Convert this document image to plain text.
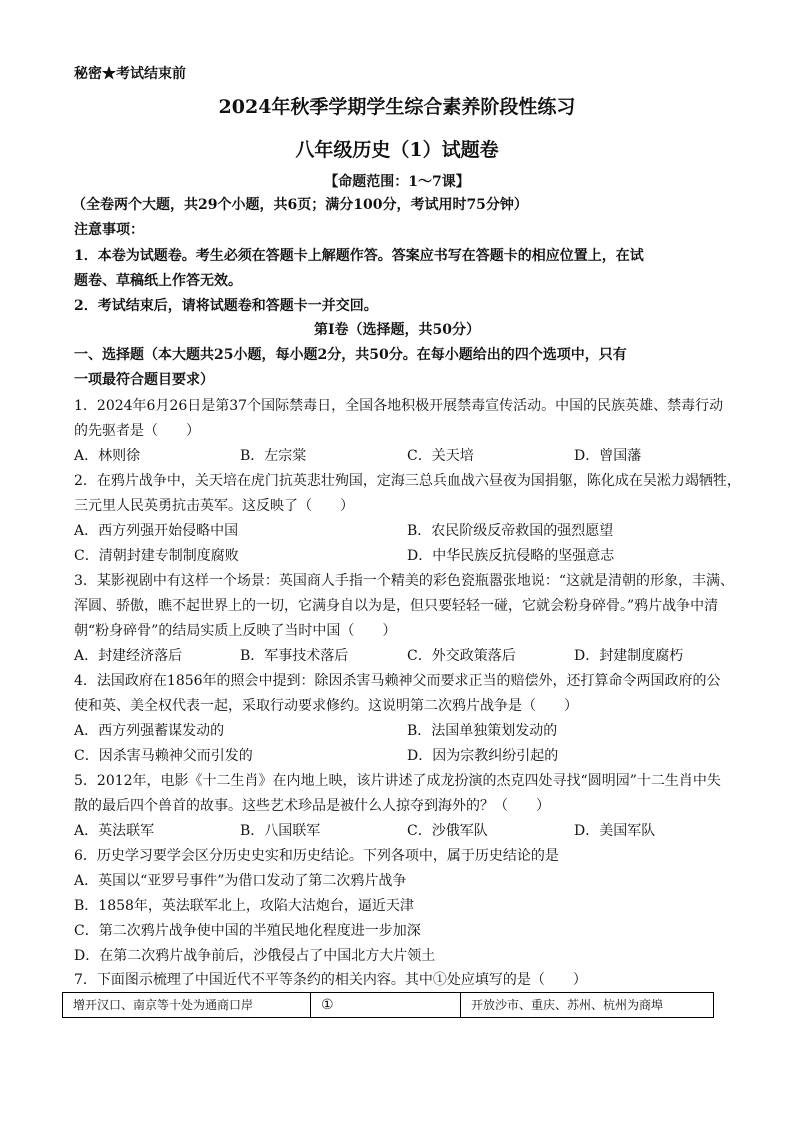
秘密★考试结束前
2024年秋季学期学生综合素养阶段性练习
八年级历史（1）试题卷
【命题范围：1～7课】
（全卷两个大题，共29个小题，共6页；满分100分，考试用时75分钟）
注意事项：
1．本卷为试题卷。考生必须在答题卡上解题作答。答案应书写在答题卡的相应位置上，在试
题卷、草稿纸上作答无效。
2．考试结束后，请将试题卷和答题卡一并交回。
第Ⅰ卷（选择题，共50分）
一、选择题（本大题共25小题，每小题2分，共50分。在每小题给出的四个选项中，只有
一项最符合题目要求）
1．2024年6月26日是第37个国际禁毒日，全国各地积极开展禁毒宣传活动。中国的民族英雄、禁毒行动
的先驱者是（　　）
A．林则徐	B．左宗棠	C．关天培	D．曾国藩
2．在鸦片战争中，关天培在虎门抗英悲壮殉国，定海三总兵血战六昼夜为国捐躯，陈化成在吴淞力竭牺牲，
三元里人民英勇抗击英军。这反映了（　　）
A．西方列强开始侵略中国	B．农民阶级反帝救国的强烈愿望
C．清朝封建专制制度腐败	D．中华民族反抗侵略的坚强意志
3．某影视剧中有这样一个场景：英国商人手指一个精美的彩色瓷瓶嚣张地说：“这就是清朝的形象，丰满、
浑圆、骄傲，瞧不起世界上的一切，它满身自以为是，但只要轻轻一碰，它就会粉身碎骨。”鸦片战争中清
朝“粉身碎骨”的结局实质上反映了当时中国（　　）
A．封建经济落后	B．军事技术落后	C．外交政策落后	D．封建制度腐朽
4．法国政府在1856年的照会中提到：除因杀害马赖神父而要求正当的赔偿外，还打算命令两国政府的公
使和英、美全权代表一起，采取行动要求修约。这说明第二次鸦片战争是（　　）
A．西方列强蓄谋发动的	B．法国单独策划发动的
C．因杀害马赖神父而引发的	D．因为宗教纠纷引起的
5．2012年，电影《十二生肖》在内地上映，该片讲述了成龙扮演的杰克四处寻找“圆明园”十二生肖中失
散的最后四个兽首的故事。这些艺术珍品是被什么人掠夺到海外的？（　　）
A．英法联军	B．八国联军	C．沙俄军队	D．美国军队
6．历史学习要学会区分历史史实和历史结论。下列各项中，属于历史结论的是
A．英国以“亚罗号事件”为借口发动了第二次鸦片战争
B．1858年，英法联军北上，攻陷大沽炮台，逼近天津
C．第二次鸦片战争使中国的半殖民地化程度进一步加深
D．在第二次鸦片战争前后，沙俄侵占了中国北方大片领土
7．下面图示梳理了中国近代不平等条约的相关内容。其中①处应填写的是（　　）
增开汉口、南京等十处为通商口岸	①	开放沙市、重庆、苏州、杭州为商埠
